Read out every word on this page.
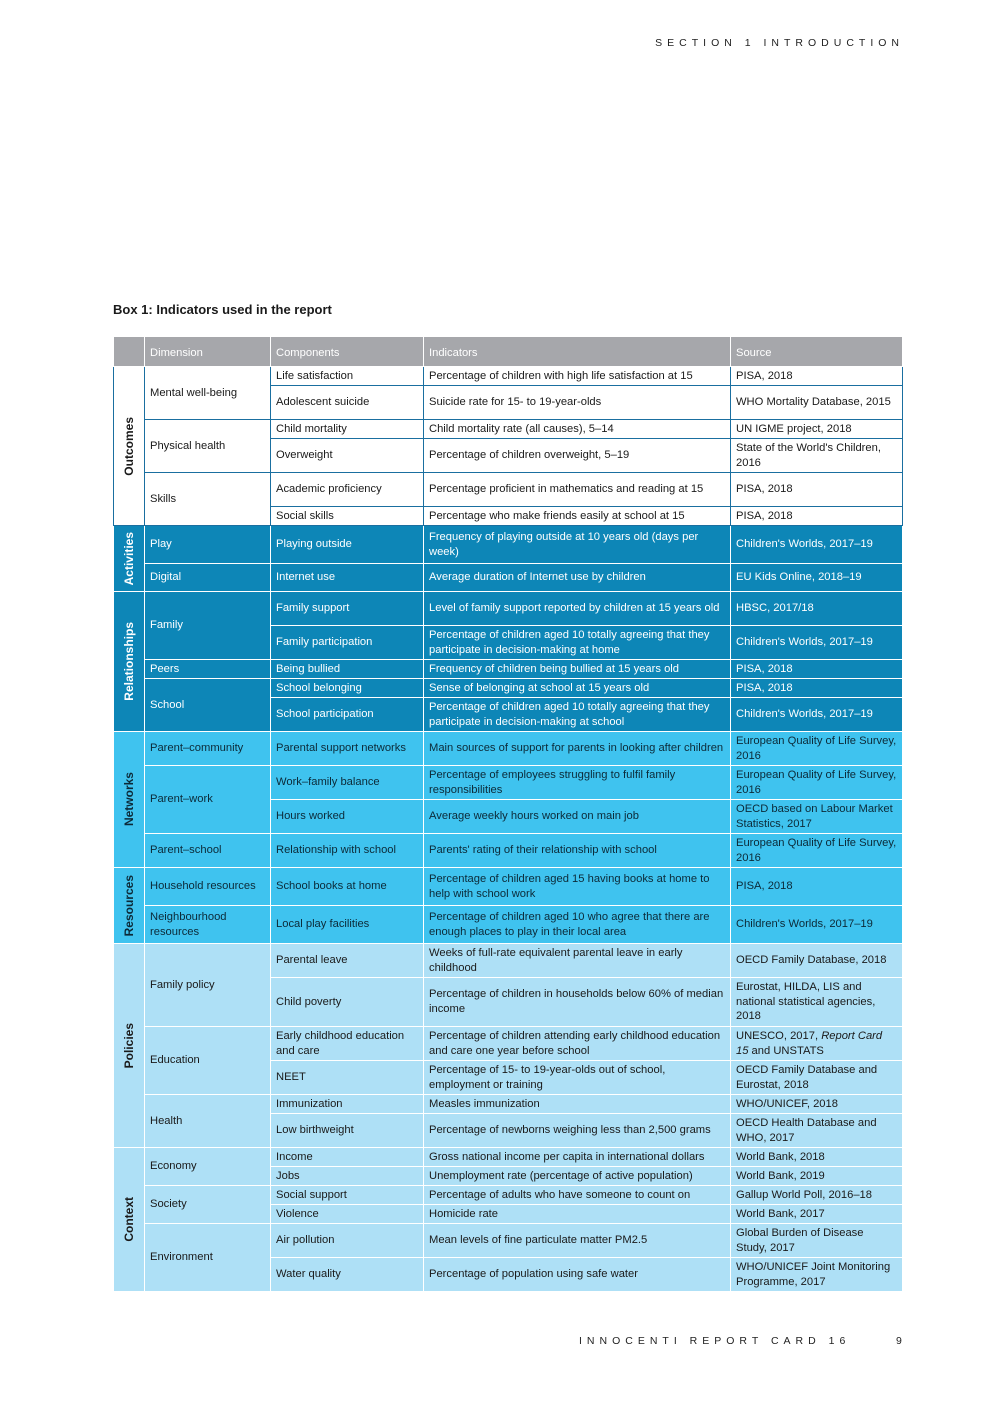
SECTION 1 INTRODUCTION
Box 1: Indicators used in the report
	Dimension	Components	Indicators	Source

Outcomes	Mental well-being	Life satisfaction	Percentage of children with high life satisfaction at 15	PISA, 2018
		Adolescent suicide	Suicide rate for 15- to 19-year-olds	WHO Mortality Database, 2015
	Physical health	Child mortality	Child mortality rate (all causes), 5–14	UN IGME project, 2018
		Overweight	Percentage of children overweight, 5–19	State of the World's Children, 2016
	Skills	Academic proficiency	Percentage proficient in mathematics and reading at 15	PISA, 2018
		Social skills	Percentage who make friends easily at school at 15	PISA, 2018

Activities	Play	Playing outside	Frequency of playing outside at 10 years old (days per week)	Children's Worlds, 2017–19
	Digital	Internet use	Average duration of Internet use by children	EU Kids Online, 2018–19

Relationships	Family	Family support	Level of family support reported by children at 15 years old	HBSC, 2017/18
		Family participation	Percentage of children aged 10 totally agreeing that they participate in decision-making at home	Children's Worlds, 2017–19
	Peers	Being bullied	Frequency of children being bullied at 15 years old	PISA, 2018
	School	School belonging	Sense of belonging at school at 15 years old	PISA, 2018
		School participation	Percentage of children aged 10 totally agreeing that they participate in decision-making at school	Children's Worlds, 2017–19

Networks	Parent–community	Parental support networks	Main sources of support for parents in looking after children	European Quality of Life Survey, 2016
	Parent–work	Work–family balance	Percentage of employees struggling to fulfil family responsibilities	European Quality of Life Survey, 2016
		Hours worked	Average weekly hours worked on main job	OECD based on Labour Market Statistics, 2017
	Parent–school	Relationship with school	Parents' rating of their relationship with school	European Quality of Life Survey, 2016

Resources	Household resources	School books at home	Percentage of children aged 15 having books at home to help with school work	PISA, 2018
	Neighbourhood resources	Local play facilities	Percentage of children aged 10 who agree that there are enough places to play in their local area	Children's Worlds, 2017–19

Policies	Family policy	Parental leave	Weeks of full-rate equivalent parental leave in early childhood	OECD Family Database, 2018
		Child poverty	Percentage of children in households below 60% of median income	Eurostat, HILDA, LIS and national statistical agencies, 2018
	Education	Early childhood education and care	Percentage of children attending early childhood education and care one year before school	UNESCO, 2017, Report Card 15 and UNSTATS
		NEET	Percentage of 15- to 19-year-olds out of school, employment or training	OECD Family Database and Eurostat, 2018
	Health	Immunization	Measles immunization	WHO/UNICEF, 2018
		Low birthweight	Percentage of newborns weighing less than 2,500 grams	OECD Health Database and WHO, 2017

Context	Economy	Income	Gross national income per capita in international dollars	World Bank, 2018
		Jobs	Unemployment rate (percentage of active population)	World Bank, 2019
	Society	Social support	Percentage of adults who have someone to count on	Gallup World Poll, 2016–18
		Violence	Homicide rate	World Bank, 2017
	Environment	Air pollution	Mean levels of fine particulate matter PM2.5	Global Burden of Disease Study, 2017
		Water quality	Percentage of population using safe water	WHO/UNICEF Joint Monitoring Programme, 2017
INNOCENTI REPORT CARD 16	9
